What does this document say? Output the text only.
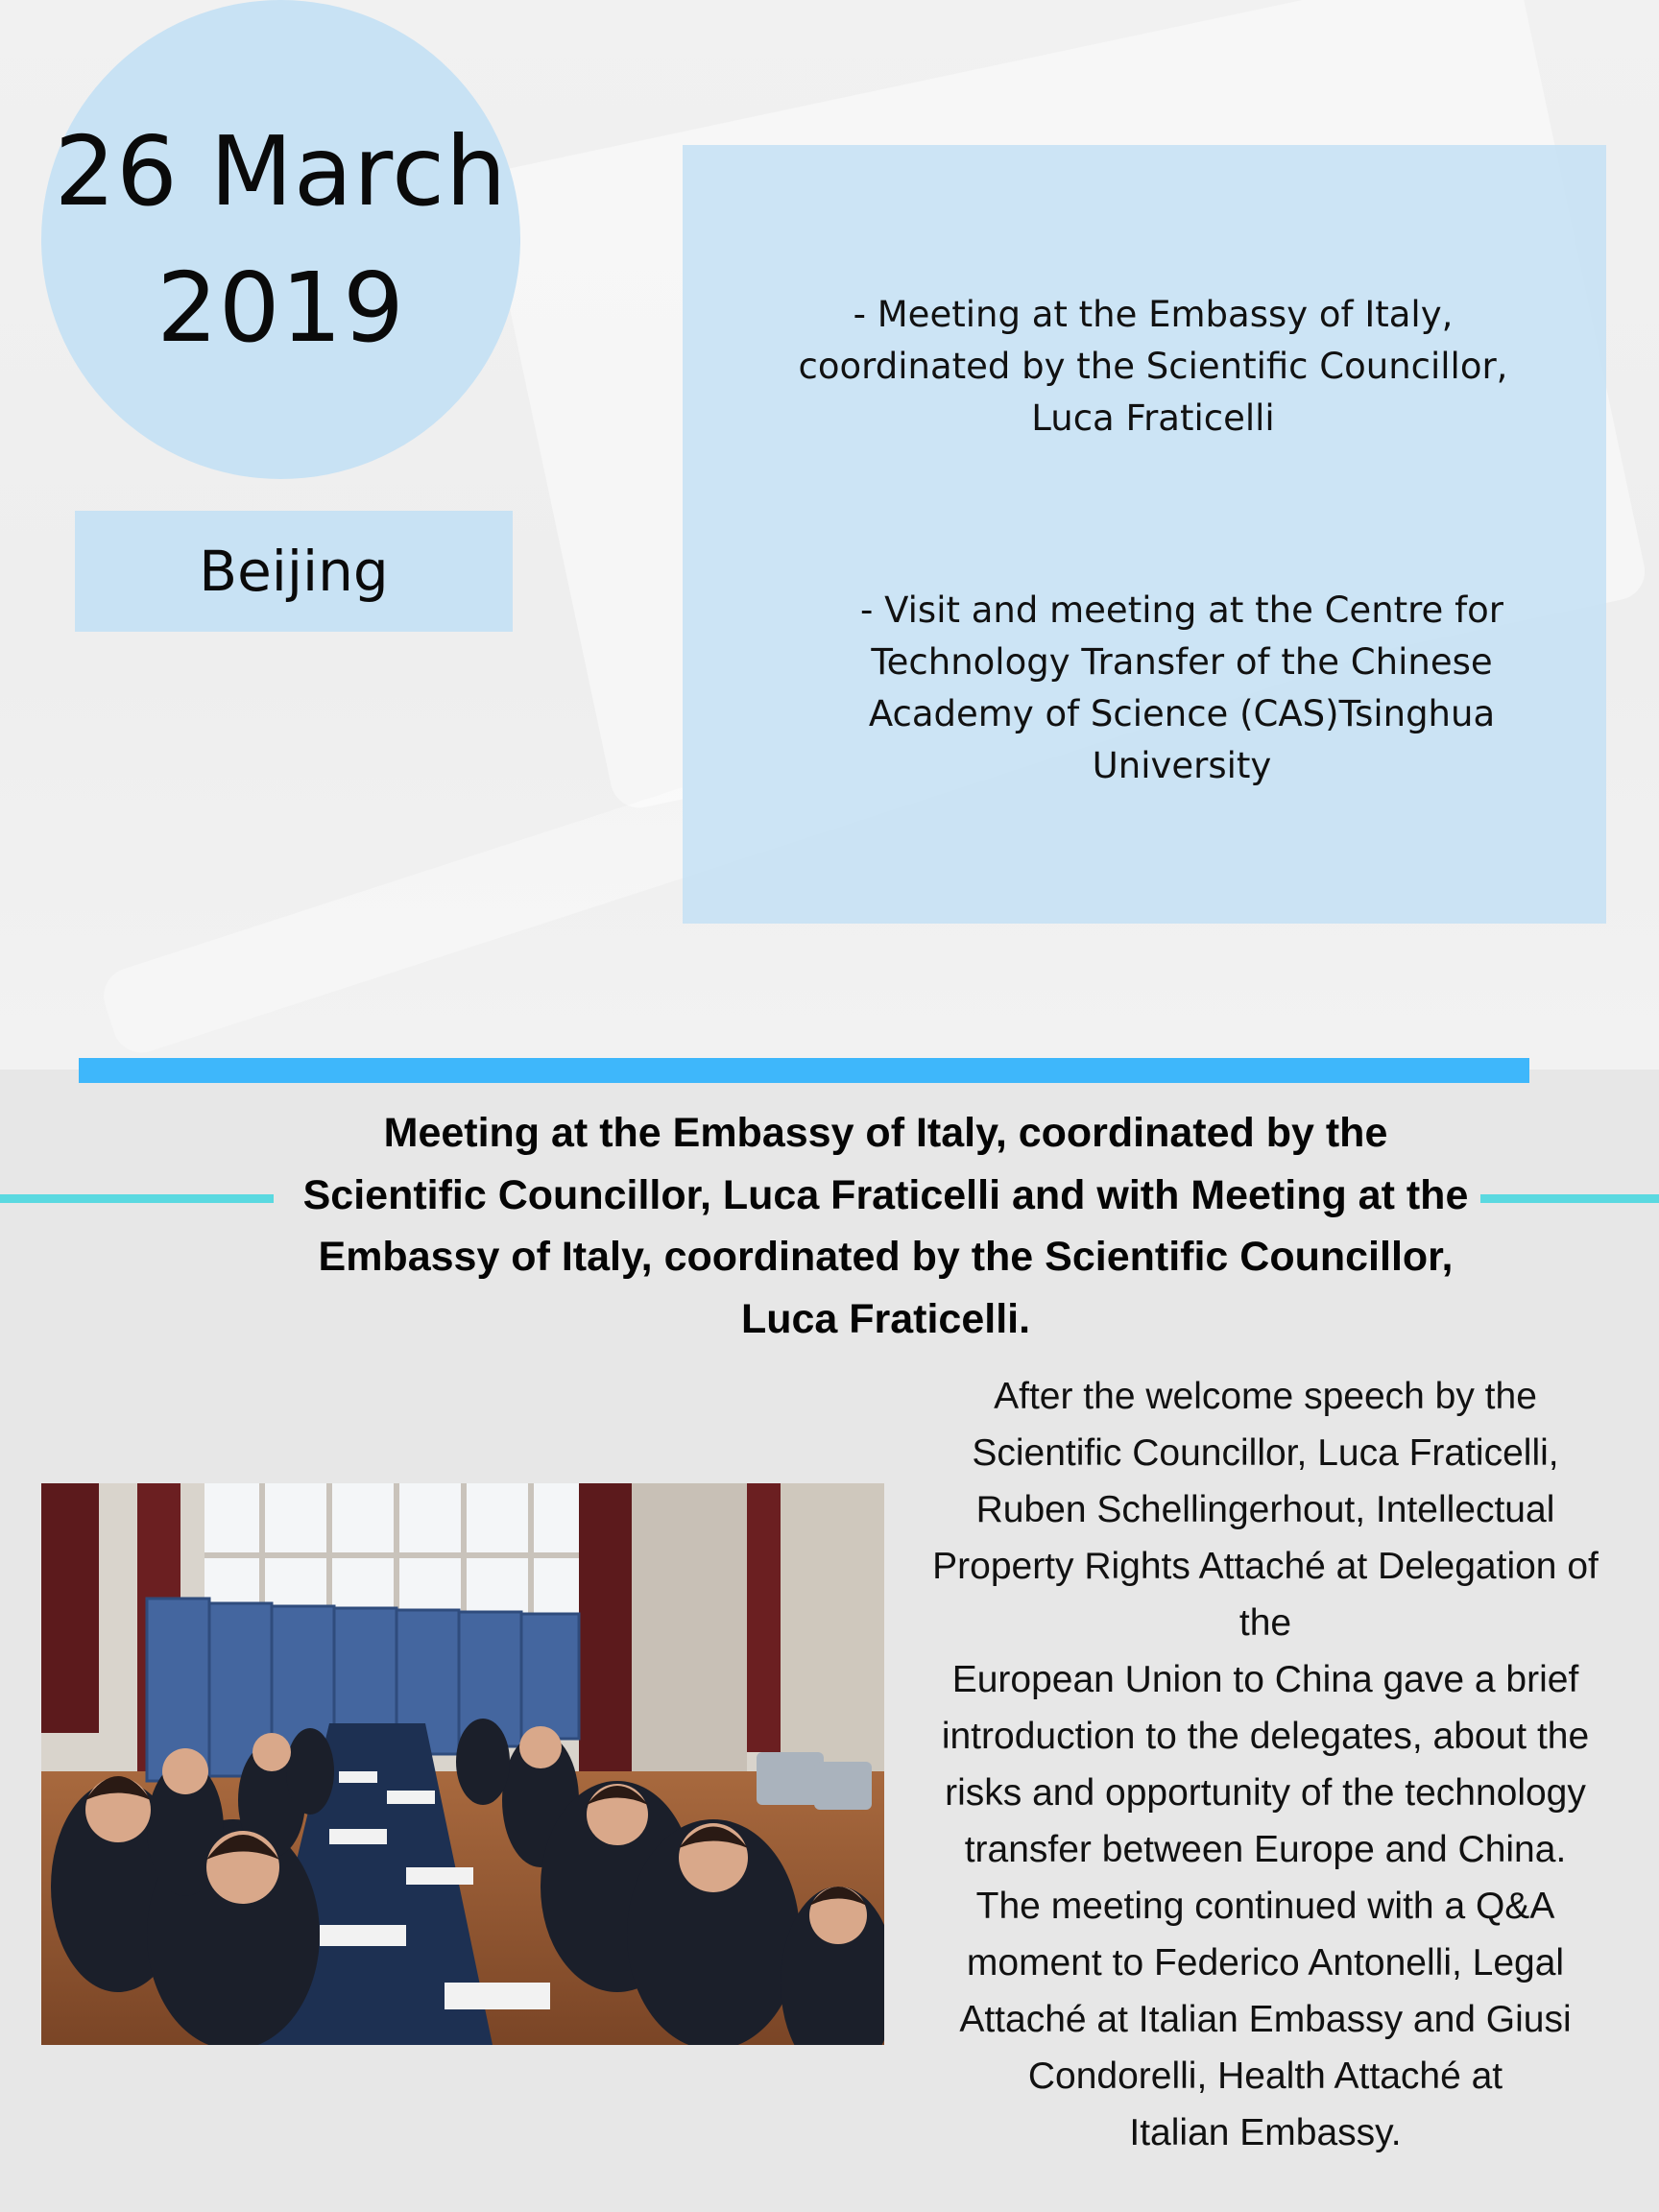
26 March
2019
Beijing
- Meeting at the Embassy of Italy, coordinated by the Scientific Councillor,
Luca Fraticelli
- Visit and meeting at the Centre for Technology Transfer of the Chinese Academy of Science (CAS)Tsinghua University
Meeting at the Embassy of Italy, coordinated by the Scientific Councillor, Luca Fraticelli and with Meeting at the Embassy of Italy, coordinated by the Scientific Councillor, Luca Fraticelli.

After the welcome speech by the Scientific Councillor, Luca Fraticelli, Ruben Schellingerhout, Intellectual Property Rights Attaché at Delegation of the

European Union to China gave a brief introduction to the delegates, about the risks and opportunity of the technology transfer between Europe and China.

The meeting continued with a Q&A moment to Federico Antonelli, Legal Attaché at Italian Embassy and Giusi Condorelli, Health Attaché at

Italian Embassy.
